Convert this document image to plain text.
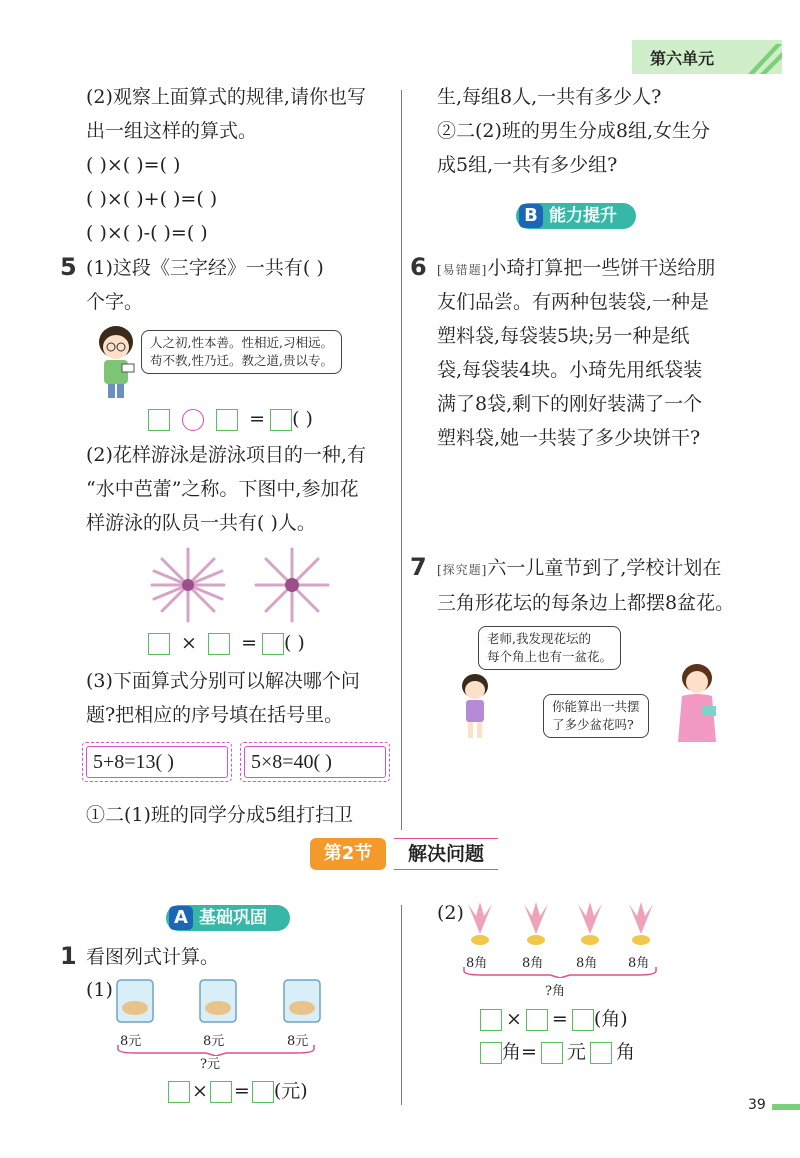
第六单元
(2)观察上面算式的规律,请你也写
出一组这样的算式。
( )×( )=( )
( )×( )+( )=( )
( )×( )-( )=( )
5 (1)这段《三字经》一共有( )
个字。
人之初,性本善。性相近,习相远。
苟不教,性乃迁。教之道,贵以专。
= ( )
(2)花样游泳是游泳项目的一种,有
“水中芭蕾”之称。下图中,参加花
样游泳的队员一共有( )人。
× = ( )
(3)下面算式分别可以解决哪个问
题?把相应的序号填在括号里。
5+8=13( )	5×8=40( )
①二(1)班的同学分成5组打扫卫
生,每组8人,一共有多少人?
②二(2)班的男生分成8组,女生分
成5组,一共有多少组?
B 能力提升
6 [易错题]小琦打算把一些饼干送给朋
友们品尝。有两种包装袋,一种是
塑料袋,每袋装5块;另一种是纸
袋,每袋装4块。小琦先用纸袋装
满了8袋,剩下的刚好装满了一个
塑料袋,她一共装了多少块饼干?
7 [探究题]六一儿童节到了,学校计划在
三角形花坛的每条边上都摆8盆花。
老师,我发现花坛的
每个角上也有一盆花。
你能算出一共摆
了多少盆花吗?
第2节	解决问题
A 基础巩固
1 看图列式计算。
(1)
8元	8元	8元
?元
× = (元)
(2)
8角	8角	8角 8角
?角
× = (角)
角= 元 角
39
